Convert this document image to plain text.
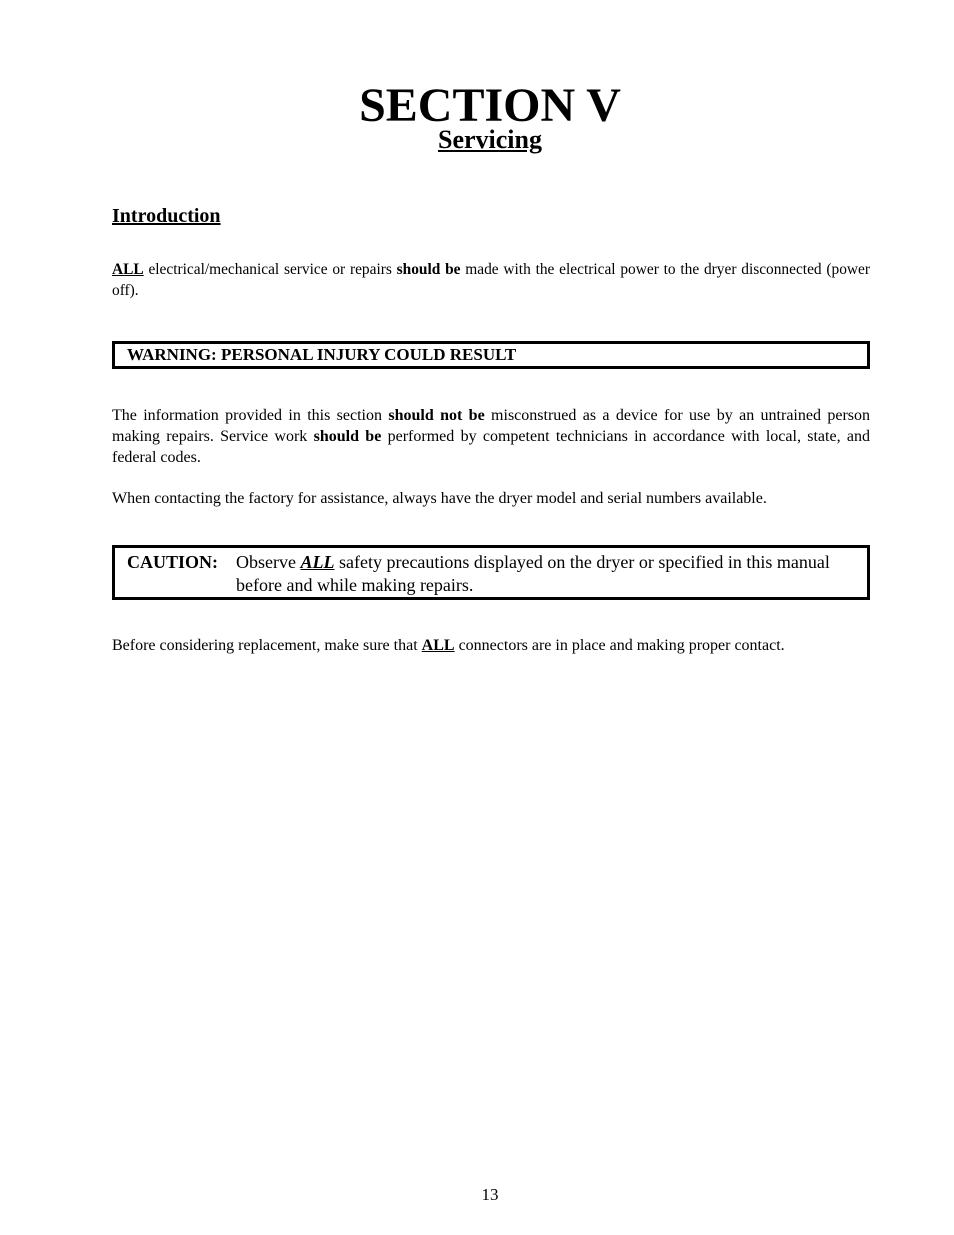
SECTION V
Servicing
Introduction

ALL electrical/mechanical service or repairs should be made with the electrical power to the dryer disconnected (power off).

WARNING: PERSONAL INJURY COULD RESULT

The information provided in this section should not be misconstrued as a device for use by an untrained person making repairs. Service work should be performed by competent technicians in accordance with local, state, and federal codes.

When contacting the factory for assistance, always have the dryer model and serial numbers available.

CAUTION: Observe ALL safety precautions displayed on the dryer or specified in this manual before and while making repairs.

Before considering replacement, make sure that ALL connectors are in place and making proper contact.

13
